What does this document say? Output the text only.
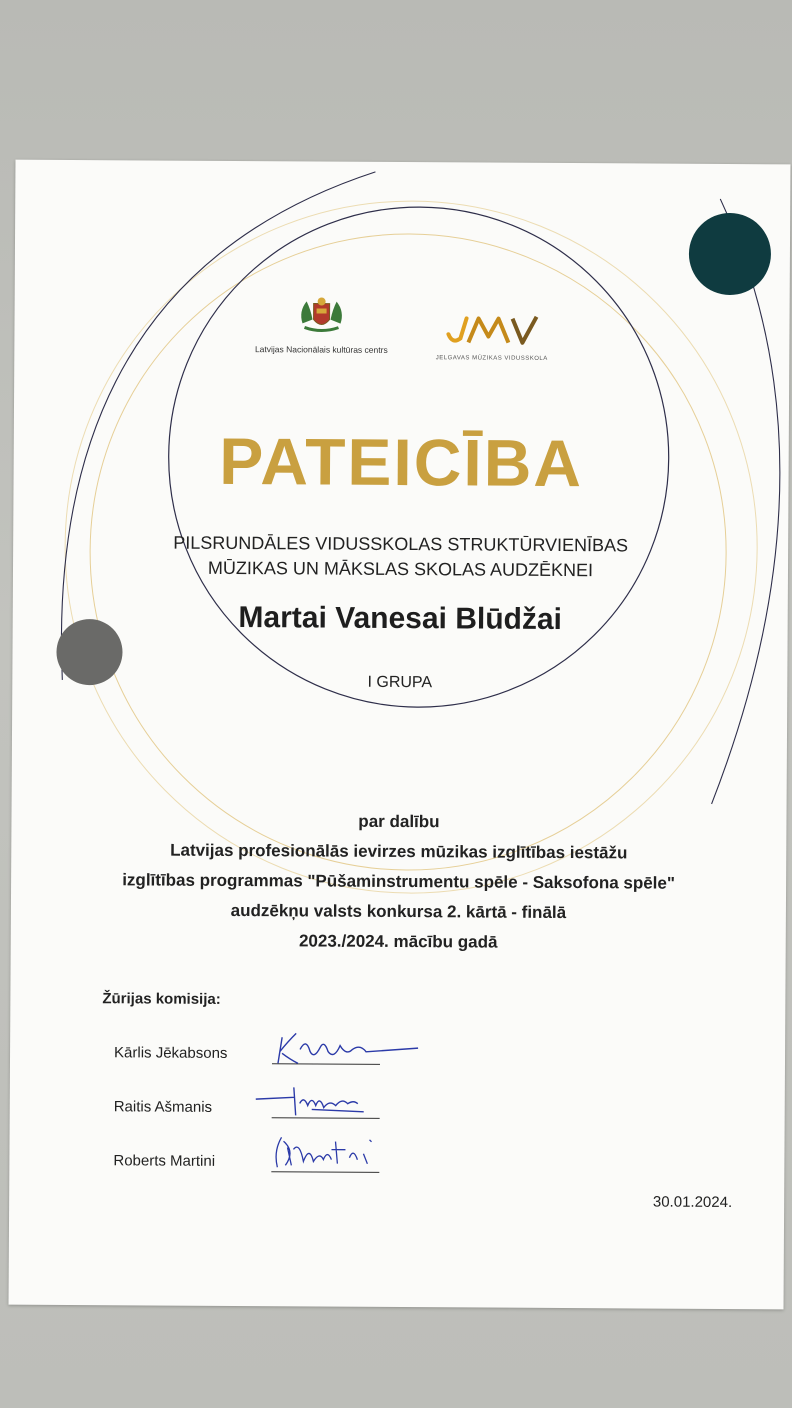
Latvijas Nacionālais kultūras centrs
JELGAVAS MŪZIKAS VIDUSSKOLA
PATEICĪBA
PILSRUNDĀLES VIDUSSKOLAS STRUKTŪRVIENĪBAS
MŪZIKAS UN MĀKSLAS SKOLAS AUDZĒKNEI
Martai Vanesai Blūdžai
I GRUPA
par dalību
Latvijas profesionālās ievirzes mūzikas izglītības iestāžu
izglītības programmas "Pūšaminstrumentu spēle - Saksofona spēle"
audzēkņu valsts konkursa 2. kārtā - finālā
2023./2024. mācību gadā
Žūrijas komisija:
Kārlis Jēkabsons
Raitis Ašmanis
Roberts Martini
30.01.2024.
